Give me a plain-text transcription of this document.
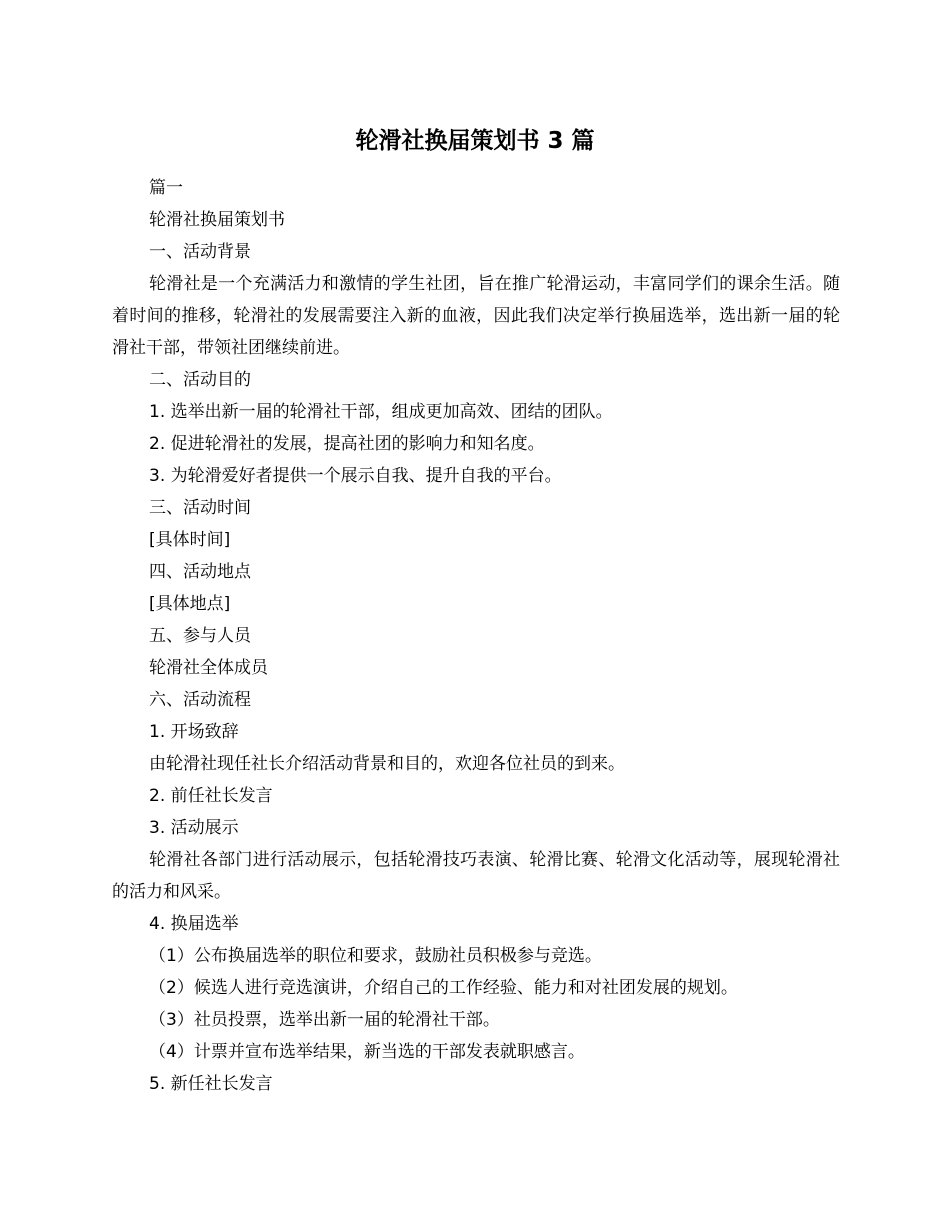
轮滑社换届策划书 3 篇

篇一

轮滑社换届策划书

一、活动背景

轮滑社是一个充满活力和激情的学生社团，旨在推广轮滑运动，丰富同学们的课余生活。随着时间的推移，轮滑社的发展需要注入新的血液，因此我们决定举行换届选举，选出新一届的轮滑社干部，带领社团继续前进。

二、活动目的

1. 选举出新一届的轮滑社干部，组成更加高效、团结的团队。

2. 促进轮滑社的发展，提高社团的影响力和知名度。

3. 为轮滑爱好者提供一个展示自我、提升自我的平台。

三、活动时间

[具体时间]

四、活动地点

[具体地点]

五、参与人员

轮滑社全体成员

六、活动流程

1. 开场致辞

由轮滑社现任社长介绍活动背景和目的，欢迎各位社员的到来。

2. 前任社长发言

3. 活动展示

轮滑社各部门进行活动展示，包括轮滑技巧表演、轮滑比赛、轮滑文化活动等，展现轮滑社的活力和风采。

4. 换届选举

（1）公布换届选举的职位和要求，鼓励社员积极参与竞选。

（2）候选人进行竞选演讲，介绍自己的工作经验、能力和对社团发展的规划。

（3）社员投票，选举出新一届的轮滑社干部。

（4）计票并宣布选举结果，新当选的干部发表就职感言。

5. 新任社长发言
